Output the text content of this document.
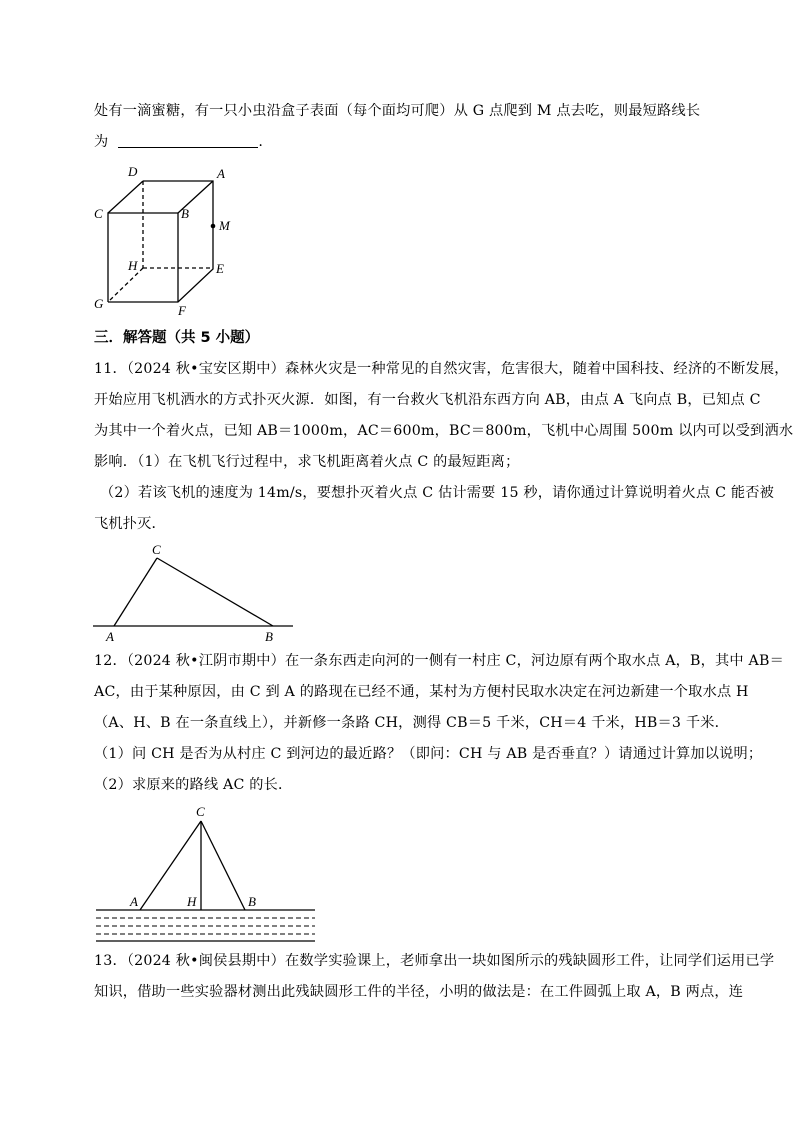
处有一滴蜜糖，有一只小虫沿盒子表面（每个面均可爬）从 G 点爬到 M 点去吃，则最短路线长
为	.
D	A
C	B
M
H	E
G	F
三．解答题（共 5 小题）
11．（2024 秋•宝安区期中）森林火灾是一种常见的自然灾害，危害很大，随着中国科技、经济的不断发展，
开始应用飞机洒水的方式扑灭火源．如图，有一台救火飞机沿东西方向 AB，由点 A 飞向点 B，已知点 C
为其中一个着火点，已知 AB＝1000m，AC＝600m，BC＝800m，飞机中心周围 500m 以内可以受到洒水
影响．（1）在飞机飞行过程中，求飞机距离着火点 C 的最短距离；
（2）若该飞机的速度为 14m/s，要想扑灭着火点 C 估计需要 15 秒，请你通过计算说明着火点 C 能否被
飞机扑灭．
C
A	B
12．（2024 秋•江阴市期中）在一条东西走向河的一侧有一村庄 C，河边原有两个取水点 A，B，其中 AB＝
AC，由于某种原因，由 C 到 A 的路现在已经不通，某村为方便村民取水决定在河边新建一个取水点 H
（A、H、B 在一条直线上），并新修一条路 CH，测得 CB＝5 千米，CH＝4 千米，HB＝3 千米．
（1）问 CH 是否为从村庄 C 到河边的最近路？（即问：CH 与 AB 是否垂直？）请通过计算加以说明；
（2）求原来的路线 AC 的长．
C
A	H	B
13．（2024 秋•闽侯县期中）在数学实验课上，老师拿出一块如图所示的残缺圆形工件，让同学们运用已学
知识，借助一些实验器材测出此残缺圆形工件的半径，小明的做法是：在工件圆弧上取 A，B 两点，连
